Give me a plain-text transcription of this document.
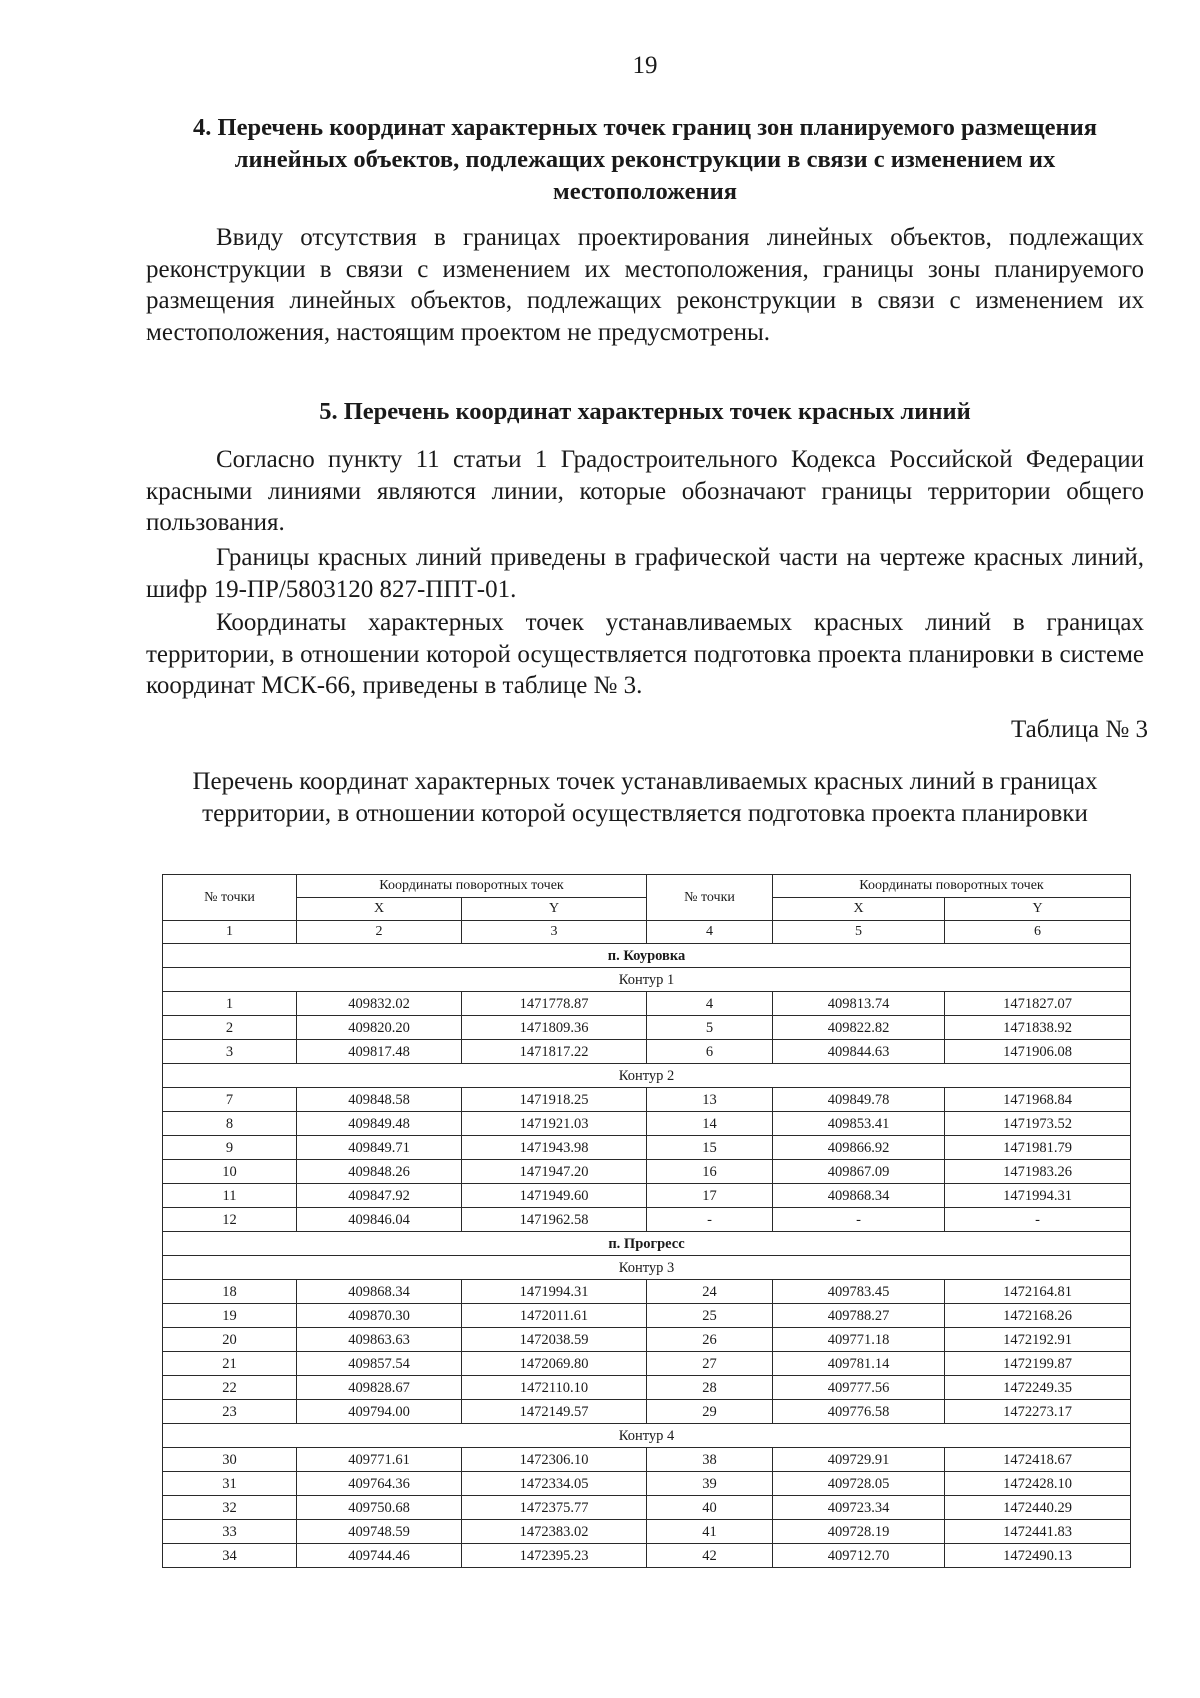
19
4. Перечень координат характерных точек границ зон планируемого размещения линейных объектов, подлежащих реконструкции в связи с изменением их местоположения
Ввиду отсутствия в границах проектирования линейных объектов, подлежащих реконструкции в связи с изменением их местоположения, границы зоны планируемого размещения линейных объектов, подлежащих реконструкции в связи с изменением их местоположения, настоящим проектом не предусмотрены.
5. Перечень координат характерных точек красных линий
Согласно пункту 11 статьи 1 Градостроительного Кодекса Российской Федерации красными линиями являются линии, которые обозначают границы территории общего пользования.
Границы красных линий приведены в графической части на чертеже красных линий, шифр 19-ПР/5803120 827-ППТ-01.
Координаты характерных точек устанавливаемых красных линий в границах территории, в отношении которой осуществляется подготовка проекта планировки в системе координат МСК-66, приведены в таблице № 3.
Таблица № 3
Перечень координат характерных точек устанавливаемых красных линий в границах территории, в отношении которой осуществляется подготовка проекта планировки
№ точки	Координаты поворотных точек		№ точки	Координаты поворотных точек	
	X	Y		X	Y
1	2	3	4	5	6
п. Коуровка					
Контур 1					
1	409832.02	1471778.87	4	409813.74	1471827.07
2	409820.20	1471809.36	5	409822.82	1471838.92
3	409817.48	1471817.22	6	409844.63	1471906.08
Контур 2					
7	409848.58	1471918.25	13	409849.78	1471968.84
8	409849.48	1471921.03	14	409853.41	1471973.52
9	409849.71	1471943.98	15	409866.92	1471981.79
10	409848.26	1471947.20	16	409867.09	1471983.26
11	409847.92	1471949.60	17	409868.34	1471994.31
12	409846.04	1471962.58	-	-	-
п. Прогресс					
Контур 3					
18	409868.34	1471994.31	24	409783.45	1472164.81
19	409870.30	1472011.61	25	409788.27	1472168.26
20	409863.63	1472038.59	26	409771.18	1472192.91
21	409857.54	1472069.80	27	409781.14	1472199.87
22	409828.67	1472110.10	28	409777.56	1472249.35
23	409794.00	1472149.57	29	409776.58	1472273.17
Контур 4					
30	409771.61	1472306.10	38	409729.91	1472418.67
31	409764.36	1472334.05	39	409728.05	1472428.10
32	409750.68	1472375.77	40	409723.34	1472440.29
33	409748.59	1472383.02	41	409728.19	1472441.83
34	409744.46	1472395.23	42	409712.70	1472490.13
